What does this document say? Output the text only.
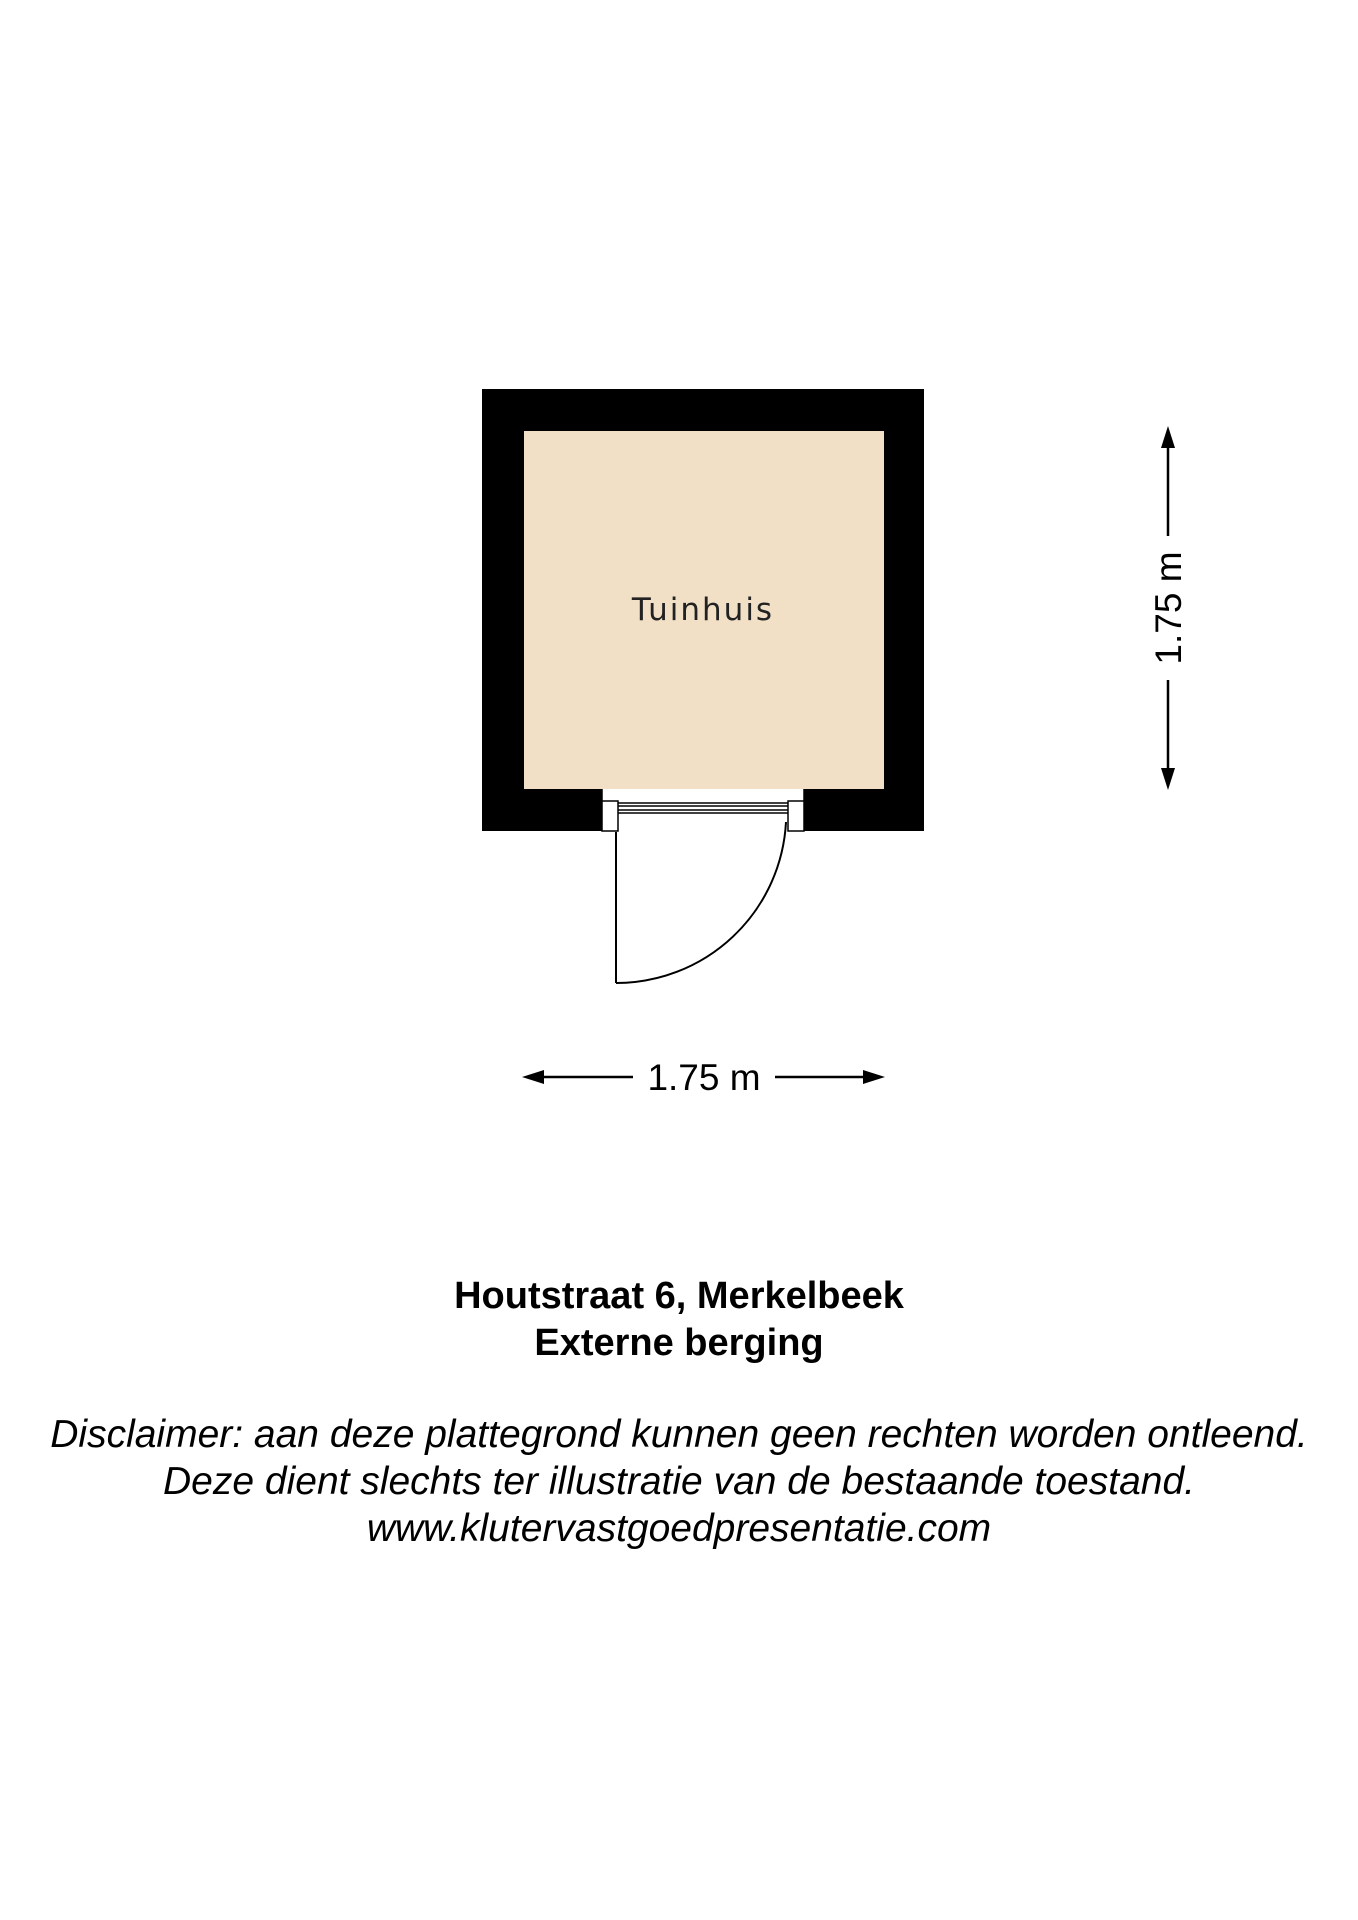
Tuinhuis
1.75 m
1.75 m
Houtstraat 6, Merkelbeek
Externe berging
Disclaimer: aan deze plattegrond kunnen geen rechten worden ontleend.
Deze dient slechts ter illustratie van de bestaande toestand.
www.klutervastgoedpresentatie.com
